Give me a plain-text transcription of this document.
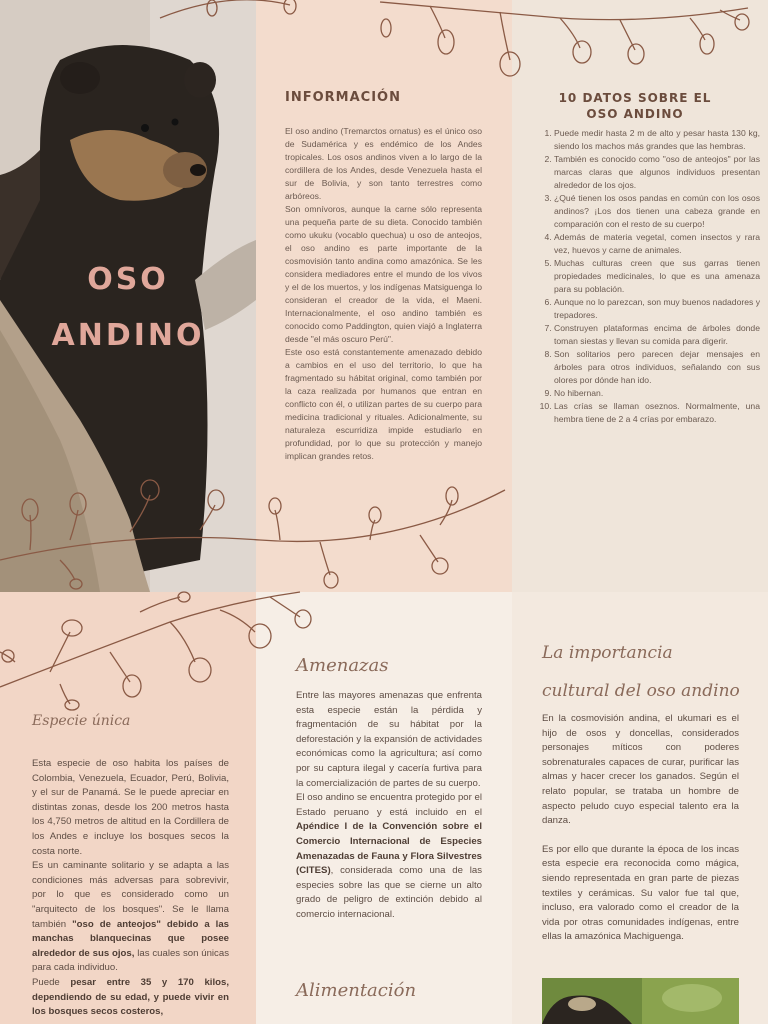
OSO
ANDINO
INFORMACIÓN

El oso andino (Tremarctos ornatus) es el único oso de Sudamérica y es endémico de los Andes tropicales. Los osos andinos viven a lo largo de la cordillera de los Andes, desde Venezuela hasta el sur de Bolivia, y son tanto terrestres como arbóreos.

Son omnívoros, aunque la carne sólo representa una pequeña parte de su dieta. Conocido también como ukuku (vocablo quechua) u oso de anteojos, el oso andino es parte importante de la cosmovisión tanto andina como amazónica. Se les considera mediadores entre el mundo de los vivos y el de los muertos, y los indígenas Matsiguenga lo consideran el creador de la vida, el Maeni. Internacionalmente, el oso andino también es conocido como Paddington, quien viajó a Inglaterra desde "el más oscuro Perú".

Este oso está constantemente amenazado debido a cambios en el uso del territorio, lo que ha fragmentado su hábitat original, como también por la caza realizada por humanos que entran en conflicto con él, o utilizan partes de su cuerpo para medicina tradicional y rituales. Adicionalmente, su naturaleza escurridiza impide estudiarlo en profundidad, por lo que su protección y manejo implican grandes retos.

10 DATOS SOBRE EL OSO ANDINO
1. Puede medir hasta 2 m de alto y pesar hasta 130 kg, siendo los machos más grandes que las hembras.
2. También es conocido como "oso de anteojos" por las marcas claras que algunos individuos presentan alrededor de los ojos.
3. ¿Qué tienen los osos pandas en común con los osos andinos? ¡Los dos tienen una cabeza grande en comparación con el resto de su cuerpo!
4. Además de materia vegetal, comen insectos y rara vez, huevos y carne de animales.
5. Muchas culturas creen que sus garras tienen propiedades medicinales, lo que es una amenaza para su población.
6. Aunque no lo parezcan, son muy buenos nadadores y trepadores.
7. Construyen plataformas encima de árboles donde toman siestas y llevan su comida para digerir.
8. Son solitarios pero parecen dejar mensajes en árboles para otros individuos, señalando con sus olores por dónde han ido.
9. No hibernan.
10. Las crías se llaman oseznos. Normalmente, una hembra tiene de 2 a 4 crías por embarazo.
Especie única

Esta especie de oso habita los países de Colombia, Venezuela, Ecuador, Perú, Bolivia, y el sur de Panamá. Se le puede apreciar en distintas zonas, desde los 200 metros hasta los 4,750 metros de altitud en la Cordillera de los Andes e incluye los bosques secos la costa norte.

Es un caminante solitario y se adapta a las condiciones más adversas para sobrevivir, por lo que es considerado como un "arquitecto de los bosques". Se le llama también "oso de anteojos" debido a las manchas blanquecinas que posee alrededor de sus ojos, las cuales son únicas para cada individuo.

Puede pesar entre 35 y 170 kilos, dependiendo de su edad, y puede vivir en los bosques secos costeros,

Amenazas

Entre las mayores amenazas que enfrenta esta especie están la pérdida y fragmentación de su hábitat por la deforestación y la expansión de actividades económicas como la agricultura; así como por su captura ilegal y cacería furtiva para la comercialización de partes de su cuerpo.

El oso andino se encuentra protegido por el Estado peruano y está incluido en el Apéndice I de la Convención sobre el Comercio Internacional de Especies Amenazadas de Fauna y Flora Silvestres (CITES), considerada como una de las especies sobre las que se cierne un alto grado de peligro de extinción debido al comercio internacional.

Alimentación
La importancia
cultural del oso andino

En la cosmovisión andina, el ukumari es el hijo de osos y doncellas, considerados personajes míticos con poderes sobrenaturales capaces de curar, purificar las almas y hacer crecer los ganados. Según el relato popular, se trataba un hombre de aspecto peludo cuyo especial talento era la danza.

Es por ello que durante la época de los incas esta especie era reconocida como mágica, siendo representada en gran parte de piezas textiles y cerámicas. Su valor fue tal que, incluso, era valorado como el creador de la vida por otras comunidades indígenas, entre ellas la amazónica Machiguenga.
